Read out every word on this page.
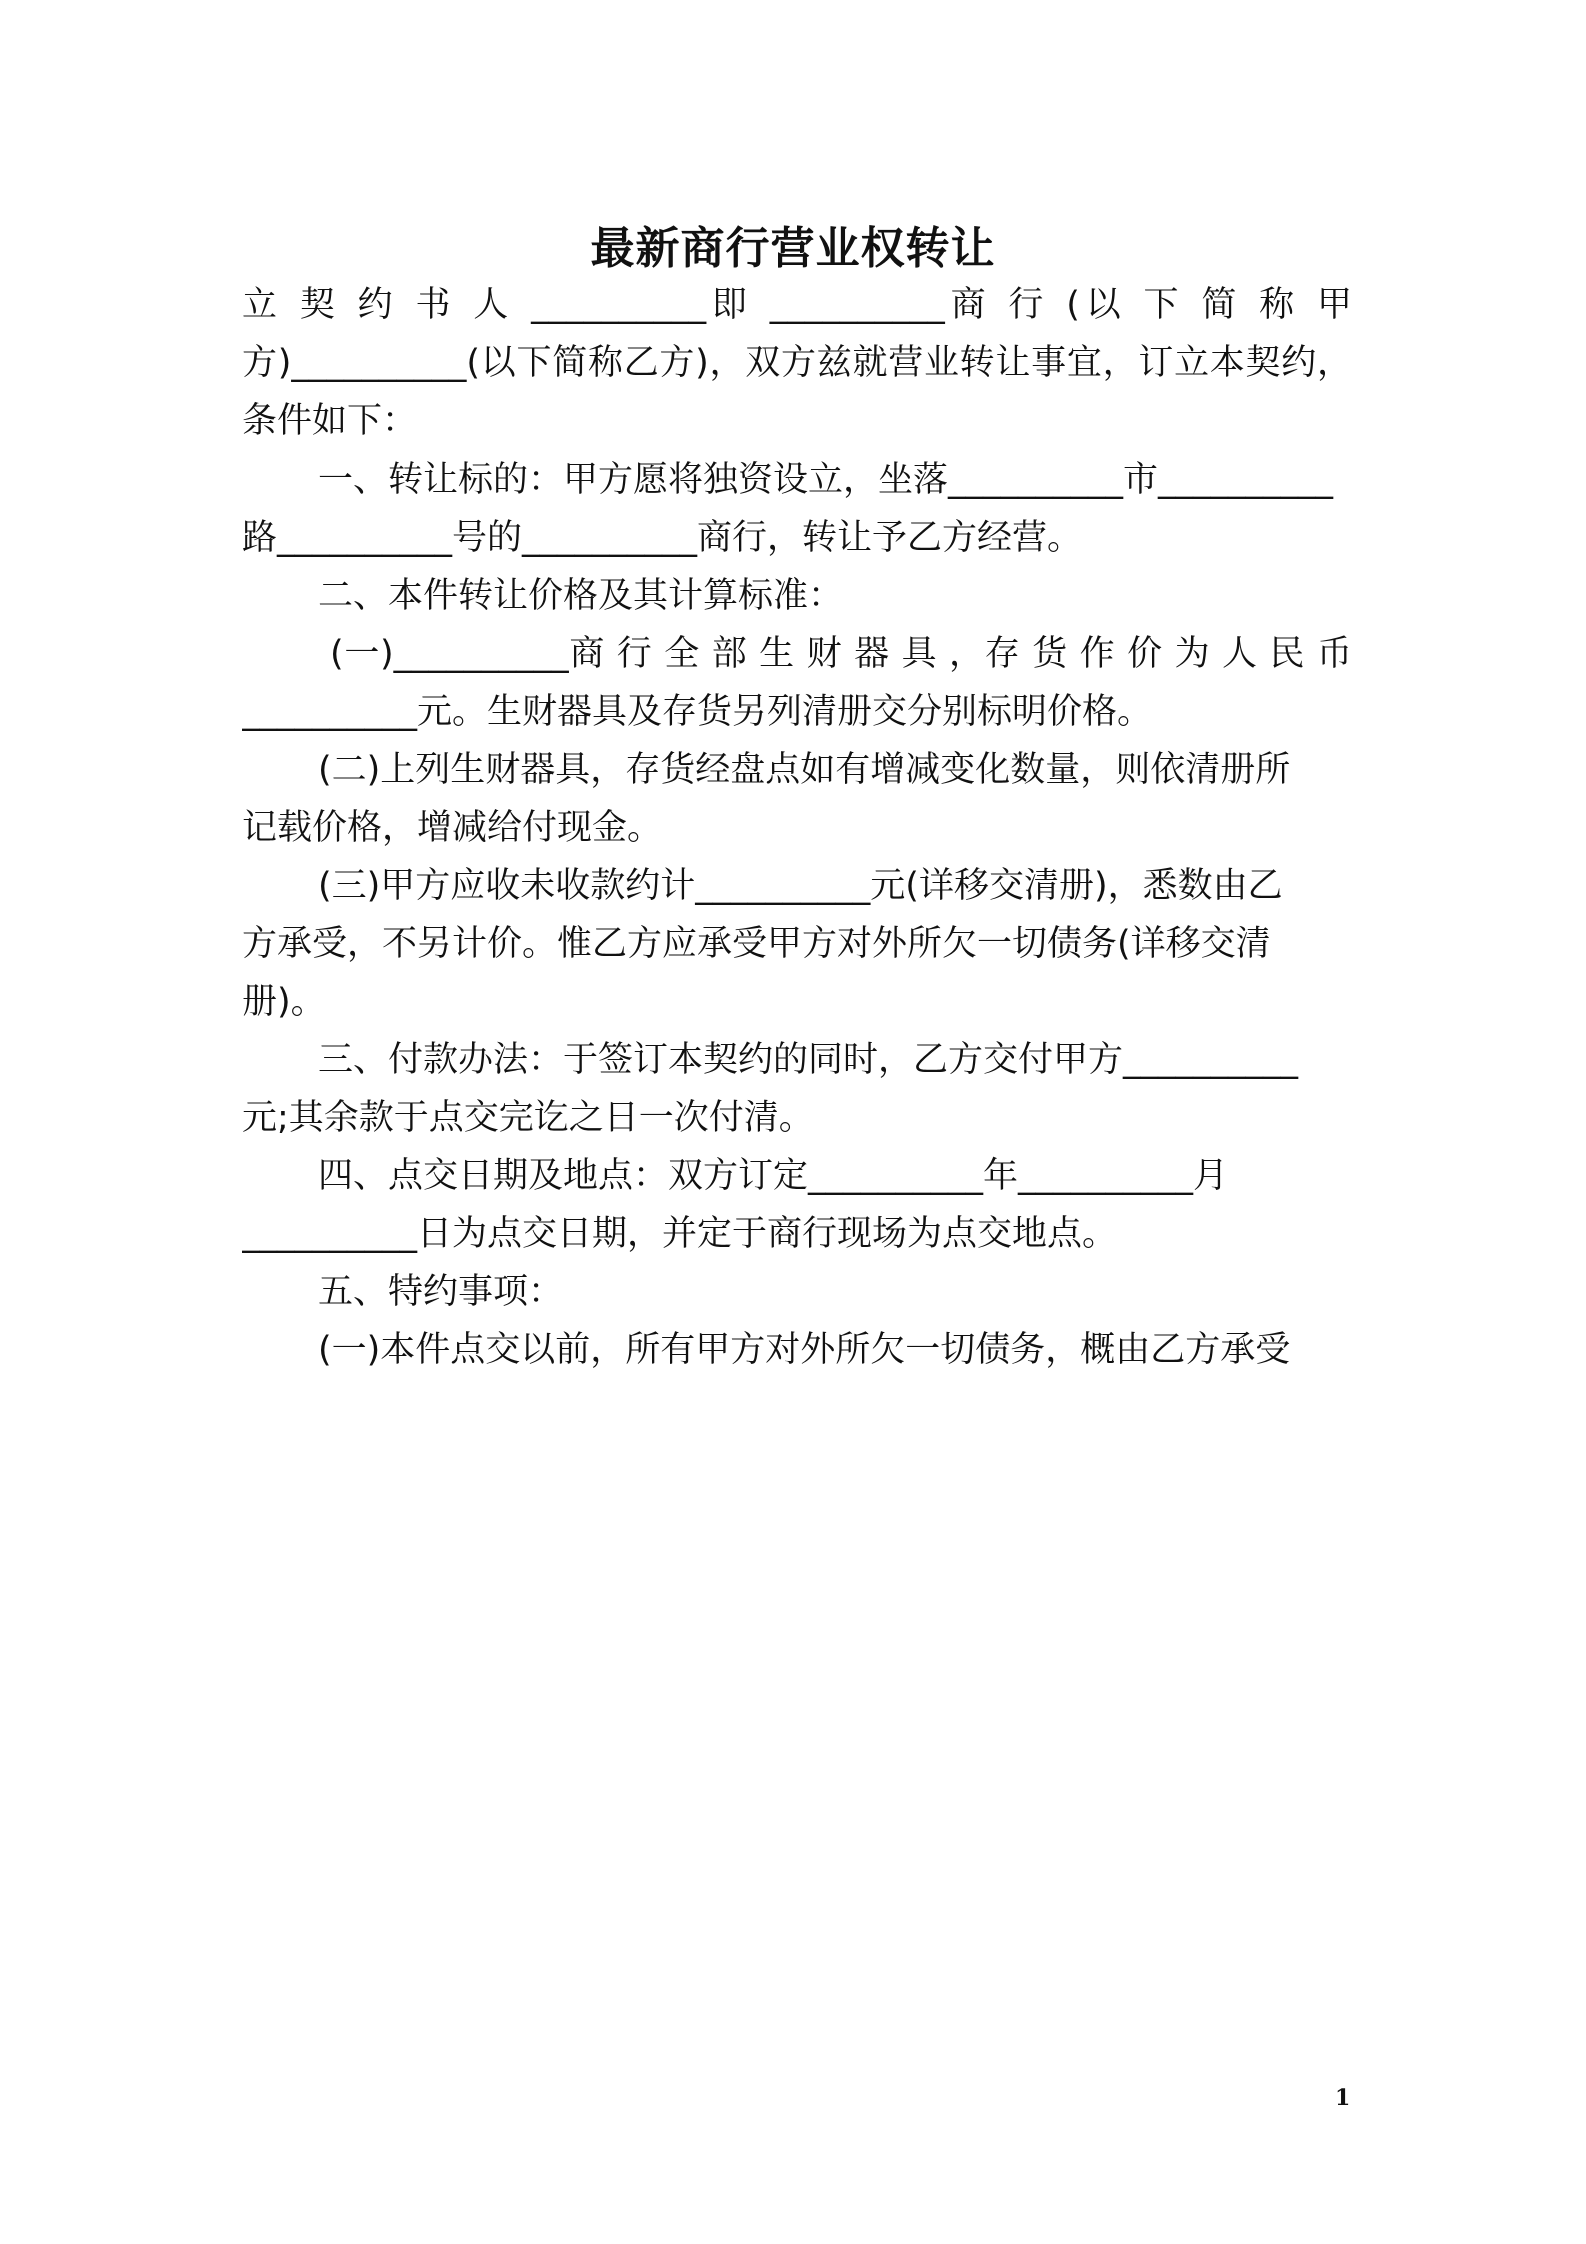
最新商行营业权转让
立 契 约 书 人 __________即 __________商 行 (以 下 简 称 甲
方)__________(以下简称乙方)，双方兹就营业转让事宜，订立本契约，
条件如下：
一、转让标的：甲方愿将独资设立，坐落__________市__________
路__________号的__________商行，转让予乙方经营。
二、本件转让价格及其计算标准：
(一)__________商 行 全 部 生 财 器 具 ，存 货 作 价 为 人 民 币
__________元。生财器具及存货另列清册交分别标明价格。
(二)上列生财器具，存货经盘点如有增减变化数量，则依清册所
记载价格，增减给付现金。
(三)甲方应收未收款约计__________元(详移交清册)，悉数由乙
方承受，不另计价。惟乙方应承受甲方对外所欠一切债务(详移交清
册)。
三、付款办法：于签订本契约的同时，乙方交付甲方__________
元;其余款于点交完讫之日一次付清。
四、点交日期及地点：双方订定__________年__________月
__________日为点交日期，并定于商行现场为点交地点。
五、特约事项：
(一)本件点交以前，所有甲方对外所欠一切债务，概由乙方承受
1
